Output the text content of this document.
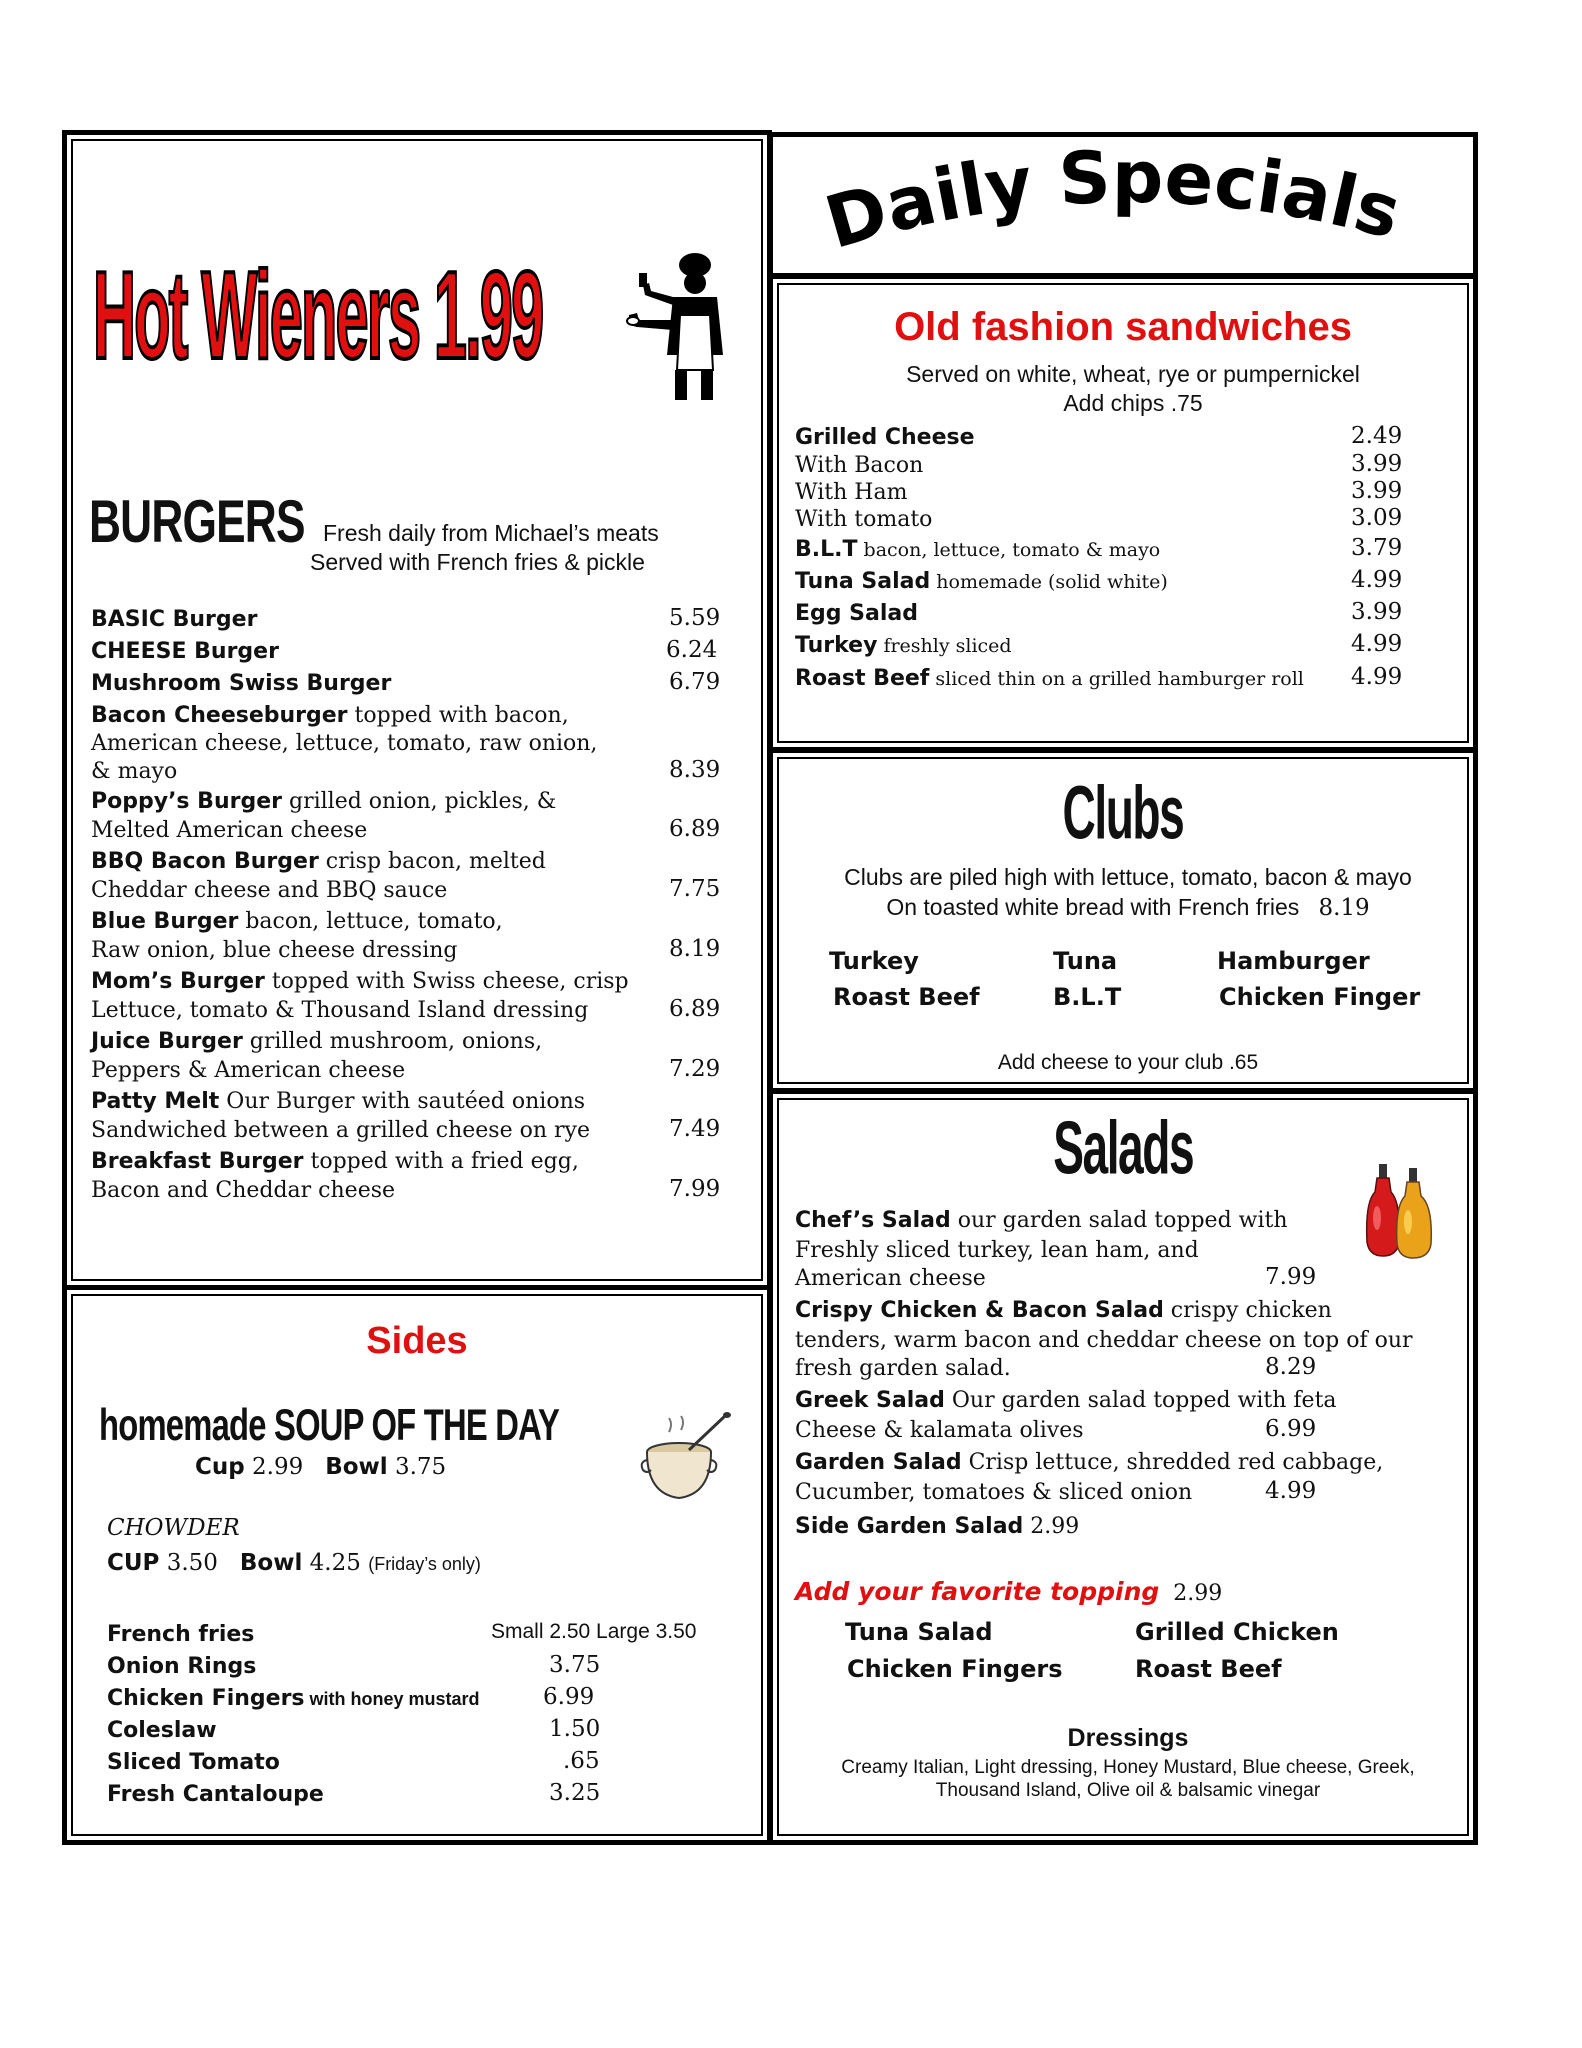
Hot Wieners 1.99
BURGERS Fresh daily from Michael’s meats
Served with French fries & pickle
BASIC Burger	5.59
CHEESE Burger	6.24
Mushroom Swiss Burger	6.79
Bacon Cheeseburger topped with bacon,
American cheese, lettuce, tomato, raw onion,
& mayo	8.39
Poppy’s Burger grilled onion, pickles, &
Melted American cheese	6.89
BBQ Bacon Burger crisp bacon, melted
Cheddar cheese and BBQ sauce	7.75
Blue Burger bacon, lettuce, tomato,
Raw onion, blue cheese dressing	8.19
Mom’s Burger topped with Swiss cheese, crisp
Lettuce, tomato & Thousand Island dressing	6.89
Juice Burger grilled mushroom, onions,
Peppers & American cheese	7.29
Patty Melt Our Burger with sautéed onions
Sandwiched between a grilled cheese on rye	7.49
Breakfast Burger topped with a fried egg,
Bacon and Cheddar cheese	7.99
Sides
homemade SOUP OF THE DAY
Cup 2.99 Bowl 3.75
CHOWDER
CUP 3.50 Bowl 4.25 (Friday’s only)
French fries	Small 2.50 Large 3.50
Onion Rings	3.75
Chicken Fingers with honey mustard	6.99
Coleslaw	1.50
Sliced Tomato	.65
Fresh Cantaloupe	3.25
Daily Specials
Old fashion sandwiches
Served on white, wheat, rye or pumpernickel
Add chips .75
Grilled Cheese	2.49
With Bacon	3.99
With Ham	3.99
With tomato	3.09
B.L.T bacon, lettuce, tomato & mayo	3.79
Tuna Salad homemade (solid white)	4.99
Egg Salad	3.99
Turkey freshly sliced	4.99
Roast Beef sliced thin on a grilled hamburger roll 4.99
Clubs
Clubs are piled high with lettuce, tomato, bacon & mayo
On toasted white bread with French fries 8.19
Turkey	Tuna	Hamburger
Roast Beef	B.L.T	Chicken Finger
Add cheese to your club .65
Salads
Chef’s Salad our garden salad topped with
Freshly sliced turkey, lean ham, and
American cheese	7.99
Crispy Chicken & Bacon Salad crispy chicken
tenders, warm bacon and cheddar cheese on top of our
fresh garden salad.	8.29
Greek Salad Our garden salad topped with feta
Cheese & kalamata olives	6.99
Garden Salad Crisp lettuce, shredded red cabbage,
Cucumber, tomatoes & sliced onion	4.99
Side Garden Salad 2.99
Add your favorite topping 2.99
Tuna Salad	Grilled Chicken
Chicken Fingers	Roast Beef
Dressings
Creamy Italian, Light dressing, Honey Mustard, Blue cheese, Greek,
Thousand Island, Olive oil & balsamic vinegar
